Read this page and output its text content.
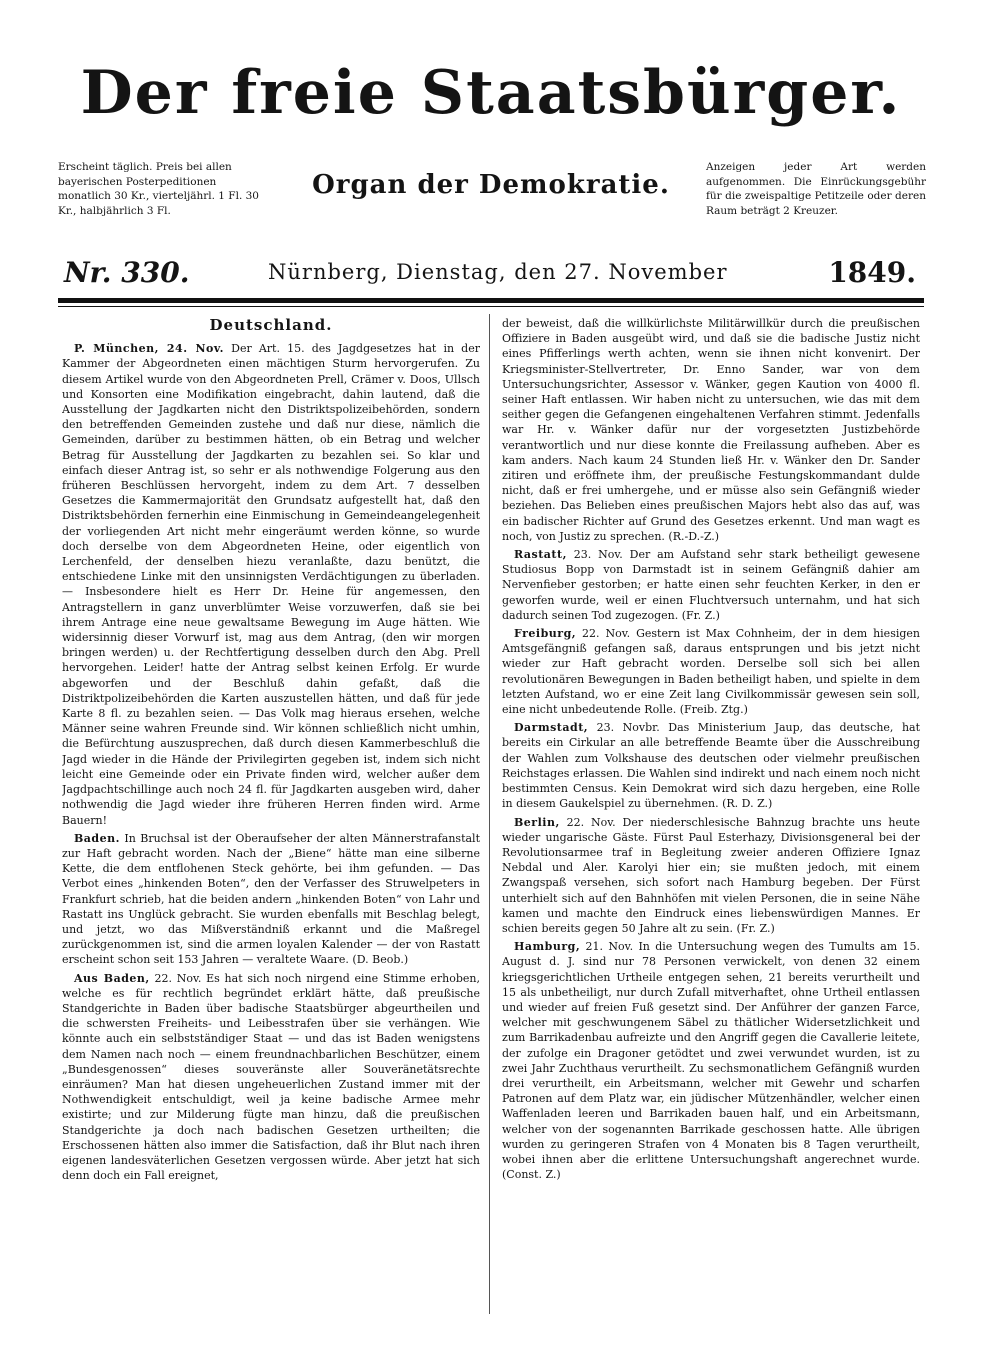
Der freie Staatsbürger.
Erscheint täglich. Preis bei allen bayerischen Posterpeditionen monatlich 30 Kr., vierteljährl. 1 Fl. 30 Kr., halbjährlich 3 Fl.
Organ der Demokratie.
Anzeigen jeder Art werden aufgenommen. Die Einrückungsgebühr für die zweispaltige Petitzeile oder deren Raum beträgt 2 Kreuzer.
Nr. 330.	Nürnberg, Dienstag, den 27. November	1849.
Deutschland.

P. München, 24. Nov. Der Art. 15. des Jagdgesetzes hat in der Kammer der Abgeordneten einen mächtigen Sturm hervorgerufen. Zu diesem Artikel wurde von den Abgeordneten Prell, Crämer v. Doos, Ullsch und Konsorten eine Modifikation eingebracht, dahin lautend, daß die Ausstellung der Jagdkarten nicht den Distriktspolizeibehörden, sondern den betreffenden Gemeinden zustehe und daß nur diese, nämlich die Gemeinden, darüber zu bestimmen hätten, ob ein Betrag und welcher Betrag für Ausstellung der Jagdkarten zu bezahlen sei. So klar und einfach dieser Antrag ist, so sehr er als nothwendige Folgerung aus den früheren Beschlüssen hervorgeht, indem zu dem Art. 7 desselben Gesetzes die Kammermajorität den Grundsatz aufgestellt hat, daß den Distriktsbehörden fernerhin eine Einmischung in Gemeindeangelegenheit der vorliegenden Art nicht mehr eingeräumt werden könne, so wurde doch derselbe von dem Abgeordneten Heine, oder eigentlich von Lerchenfeld, der denselben hiezu veranlaßte, dazu benützt, die entschiedene Linke mit den unsinnigsten Verdächtigungen zu überladen. — Insbesondere hielt es Herr Dr. Heine für angemessen, den Antragstellern in ganz unverblümter Weise vorzuwerfen, daß sie bei ihrem Antrage eine neue gewaltsame Bewegung im Auge hätten. Wie widersinnig dieser Vorwurf ist, mag aus dem Antrag, (den wir morgen bringen werden) u. der Rechtfertigung desselben durch den Abg. Prell hervorgehen. Leider! hatte der Antrag selbst keinen Erfolg. Er wurde abgeworfen und der Beschluß dahin gefaßt, daß die Distriktpolizeibehörden die Karten auszustellen hätten, und daß für jede Karte 8 fl. zu bezahlen seien. — Das Volk mag hieraus ersehen, welche Männer seine wahren Freunde sind. Wir können schließlich nicht umhin, die Befürchtung auszusprechen, daß durch diesen Kammerbeschluß die Jagd wieder in die Hände der Privilegirten gegeben ist, indem sich nicht leicht eine Gemeinde oder ein Private finden wird, welcher außer dem Jagdpachtschillinge auch noch 24 fl. für Jagdkarten ausgeben wird, daher nothwendig die Jagd wieder ihre früheren Herren finden wird. Arme Bauern!

Baden. In Bruchsal ist der Oberaufseher der alten Männerstrafanstalt zur Haft gebracht worden. Nach der „Biene“ hätte man eine silberne Kette, die dem entflohenen Steck gehörte, bei ihm gefunden. — Das Verbot eines „hinkenden Boten“, den der Verfasser des Struwelpeters in Frankfurt schrieb, hat die beiden andern „hinkenden Boten“ von Lahr und Rastatt ins Unglück gebracht. Sie wurden ebenfalls mit Beschlag belegt, und jetzt, wo das Mißverständniß erkannt und die Maßregel zurückgenommen ist, sind die armen loyalen Kalender — der von Rastatt erscheint schon seit 153 Jahren — veraltete Waare. (D. Beob.)

Aus Baden, 22. Nov. Es hat sich noch nirgend eine Stimme erhoben, welche es für rechtlich begründet erklärt hätte, daß preußische Standgerichte in Baden über badische Staatsbürger abgeurtheilen und die schwersten Freiheits- und Leibesstrafen über sie verhängen. Wie könnte auch ein selbstständiger Staat — und das ist Baden wenigstens dem Namen nach noch — einem freundnachbarlichen Beschützer, einem „Bundesgenossen“ dieses souveränste aller Souveränetätsrechte einräumen? Man hat diesen ungeheuerlichen Zustand immer mit der Nothwendigkeit entschuldigt, weil ja keine badische Armee mehr existirte; und zur Milderung fügte man hinzu, daß die preußischen Standgerichte ja doch nach badischen Gesetzen urtheilten; die Erschossenen hätten also immer die Satisfaction, daß ihr Blut nach ihren eigenen landesväterlichen Gesetzen vergossen würde. Aber jetzt hat sich denn doch ein Fall ereignet,

der beweist, daß die willkürlichste Militärwillkür durch die preußischen Offiziere in Baden ausgeübt wird, und daß sie die badische Justiz nicht eines Pfifferlings werth achten, wenn sie ihnen nicht konvenirt. Der Kriegsminister-Stellvertreter, Dr. Enno Sander, war von dem Untersuchungsrichter, Assessor v. Wänker, gegen Kaution von 4000 fl. seiner Haft entlassen. Wir haben nicht zu untersuchen, wie das mit dem seither gegen die Gefangenen eingehaltenen Verfahren stimmt. Jedenfalls war Hr. v. Wänker dafür nur der vorgesetzten Justizbehörde verantwortlich und nur diese konnte die Freilassung aufheben. Aber es kam anders. Nach kaum 24 Stunden ließ Hr. v. Wänker den Dr. Sander zitiren und eröffnete ihm, der preußische Festungskommandant dulde nicht, daß er frei umhergehe, und er müsse also sein Gefängniß wieder beziehen. Das Belieben eines preußischen Majors hebt also das auf, was ein badischer Richter auf Grund des Gesetzes erkennt. Und man wagt es noch, von Justiz zu sprechen. (R.-D.-Z.)

Rastatt, 23. Nov. Der am Aufstand sehr stark betheiligt gewesene Studiosus Bopp von Darmstadt ist in seinem Gefängniß dahier am Nervenfieber gestorben; er hatte einen sehr feuchten Kerker, in den er geworfen wurde, weil er einen Fluchtversuch unternahm, und hat sich dadurch seinen Tod zugezogen. (Fr. Z.)

Freiburg, 22. Nov. Gestern ist Max Cohnheim, der in dem hiesigen Amtsgefängniß gefangen saß, daraus entsprungen und bis jetzt nicht wieder zur Haft gebracht worden. Derselbe soll sich bei allen revolutionären Bewegungen in Baden betheiligt haben, und spielte in dem letzten Aufstand, wo er eine Zeit lang Civilkommissär gewesen sein soll, eine nicht unbedeutende Rolle. (Freib. Ztg.)

Darmstadt, 23. Novbr. Das Ministerium Jaup, das deutsche, hat bereits ein Cirkular an alle betreffende Beamte über die Ausschreibung der Wahlen zum Volkshause des deutschen oder vielmehr preußischen Reichstages erlassen. Die Wahlen sind indirekt und nach einem noch nicht bestimmten Census. Kein Demokrat wird sich dazu hergeben, eine Rolle in diesem Gaukelspiel zu übernehmen. (R. D. Z.)

Berlin, 22. Nov. Der niederschlesische Bahnzug brachte uns heute wieder ungarische Gäste. Fürst Paul Esterhazy, Divisionsgeneral bei der Revolutionsarmee traf in Begleitung zweier anderen Offiziere Ignaz Nebdal und Aler. Karolyi hier ein; sie mußten jedoch, mit einem Zwangspaß versehen, sich sofort nach Hamburg begeben. Der Fürst unterhielt sich auf den Bahnhöfen mit vielen Personen, die in seine Nähe kamen und machte den Eindruck eines liebenswürdigen Mannes. Er schien bereits gegen 50 Jahre alt zu sein. (Fr. Z.)

Hamburg, 21. Nov. In die Untersuchung wegen des Tumults am 15. August d. J. sind nur 78 Personen verwickelt, von denen 32 einem kriegsgerichtlichen Urtheile entgegen sehen, 21 bereits verurtheilt und 15 als unbetheiligt, nur durch Zufall mitverhaftet, ohne Urtheil entlassen und wieder auf freien Fuß gesetzt sind. Der Anführer der ganzen Farce, welcher mit geschwungenem Säbel zu thätlicher Widersetzlichkeit und zum Barrikadenbau aufreizte und den Angriff gegen die Cavallerie leitete, der zufolge ein Dragoner getödtet und zwei verwundet wurden, ist zu zwei Jahr Zuchthaus verurtheilt. Zu sechsmonatlichem Gefängniß wurden drei verurtheilt, ein Arbeitsmann, welcher mit Gewehr und scharfen Patronen auf dem Platz war, ein jüdischer Mützenhändler, welcher einen Waffenladen leeren und Barrikaden bauen half, und ein Arbeitsmann, welcher von der sogenannten Barrikade geschossen hatte. Alle übrigen wurden zu geringeren Strafen von 4 Monaten bis 8 Tagen verurtheilt, wobei ihnen aber die erlittene Untersuchungshaft angerechnet wurde. (Const. Z.)
